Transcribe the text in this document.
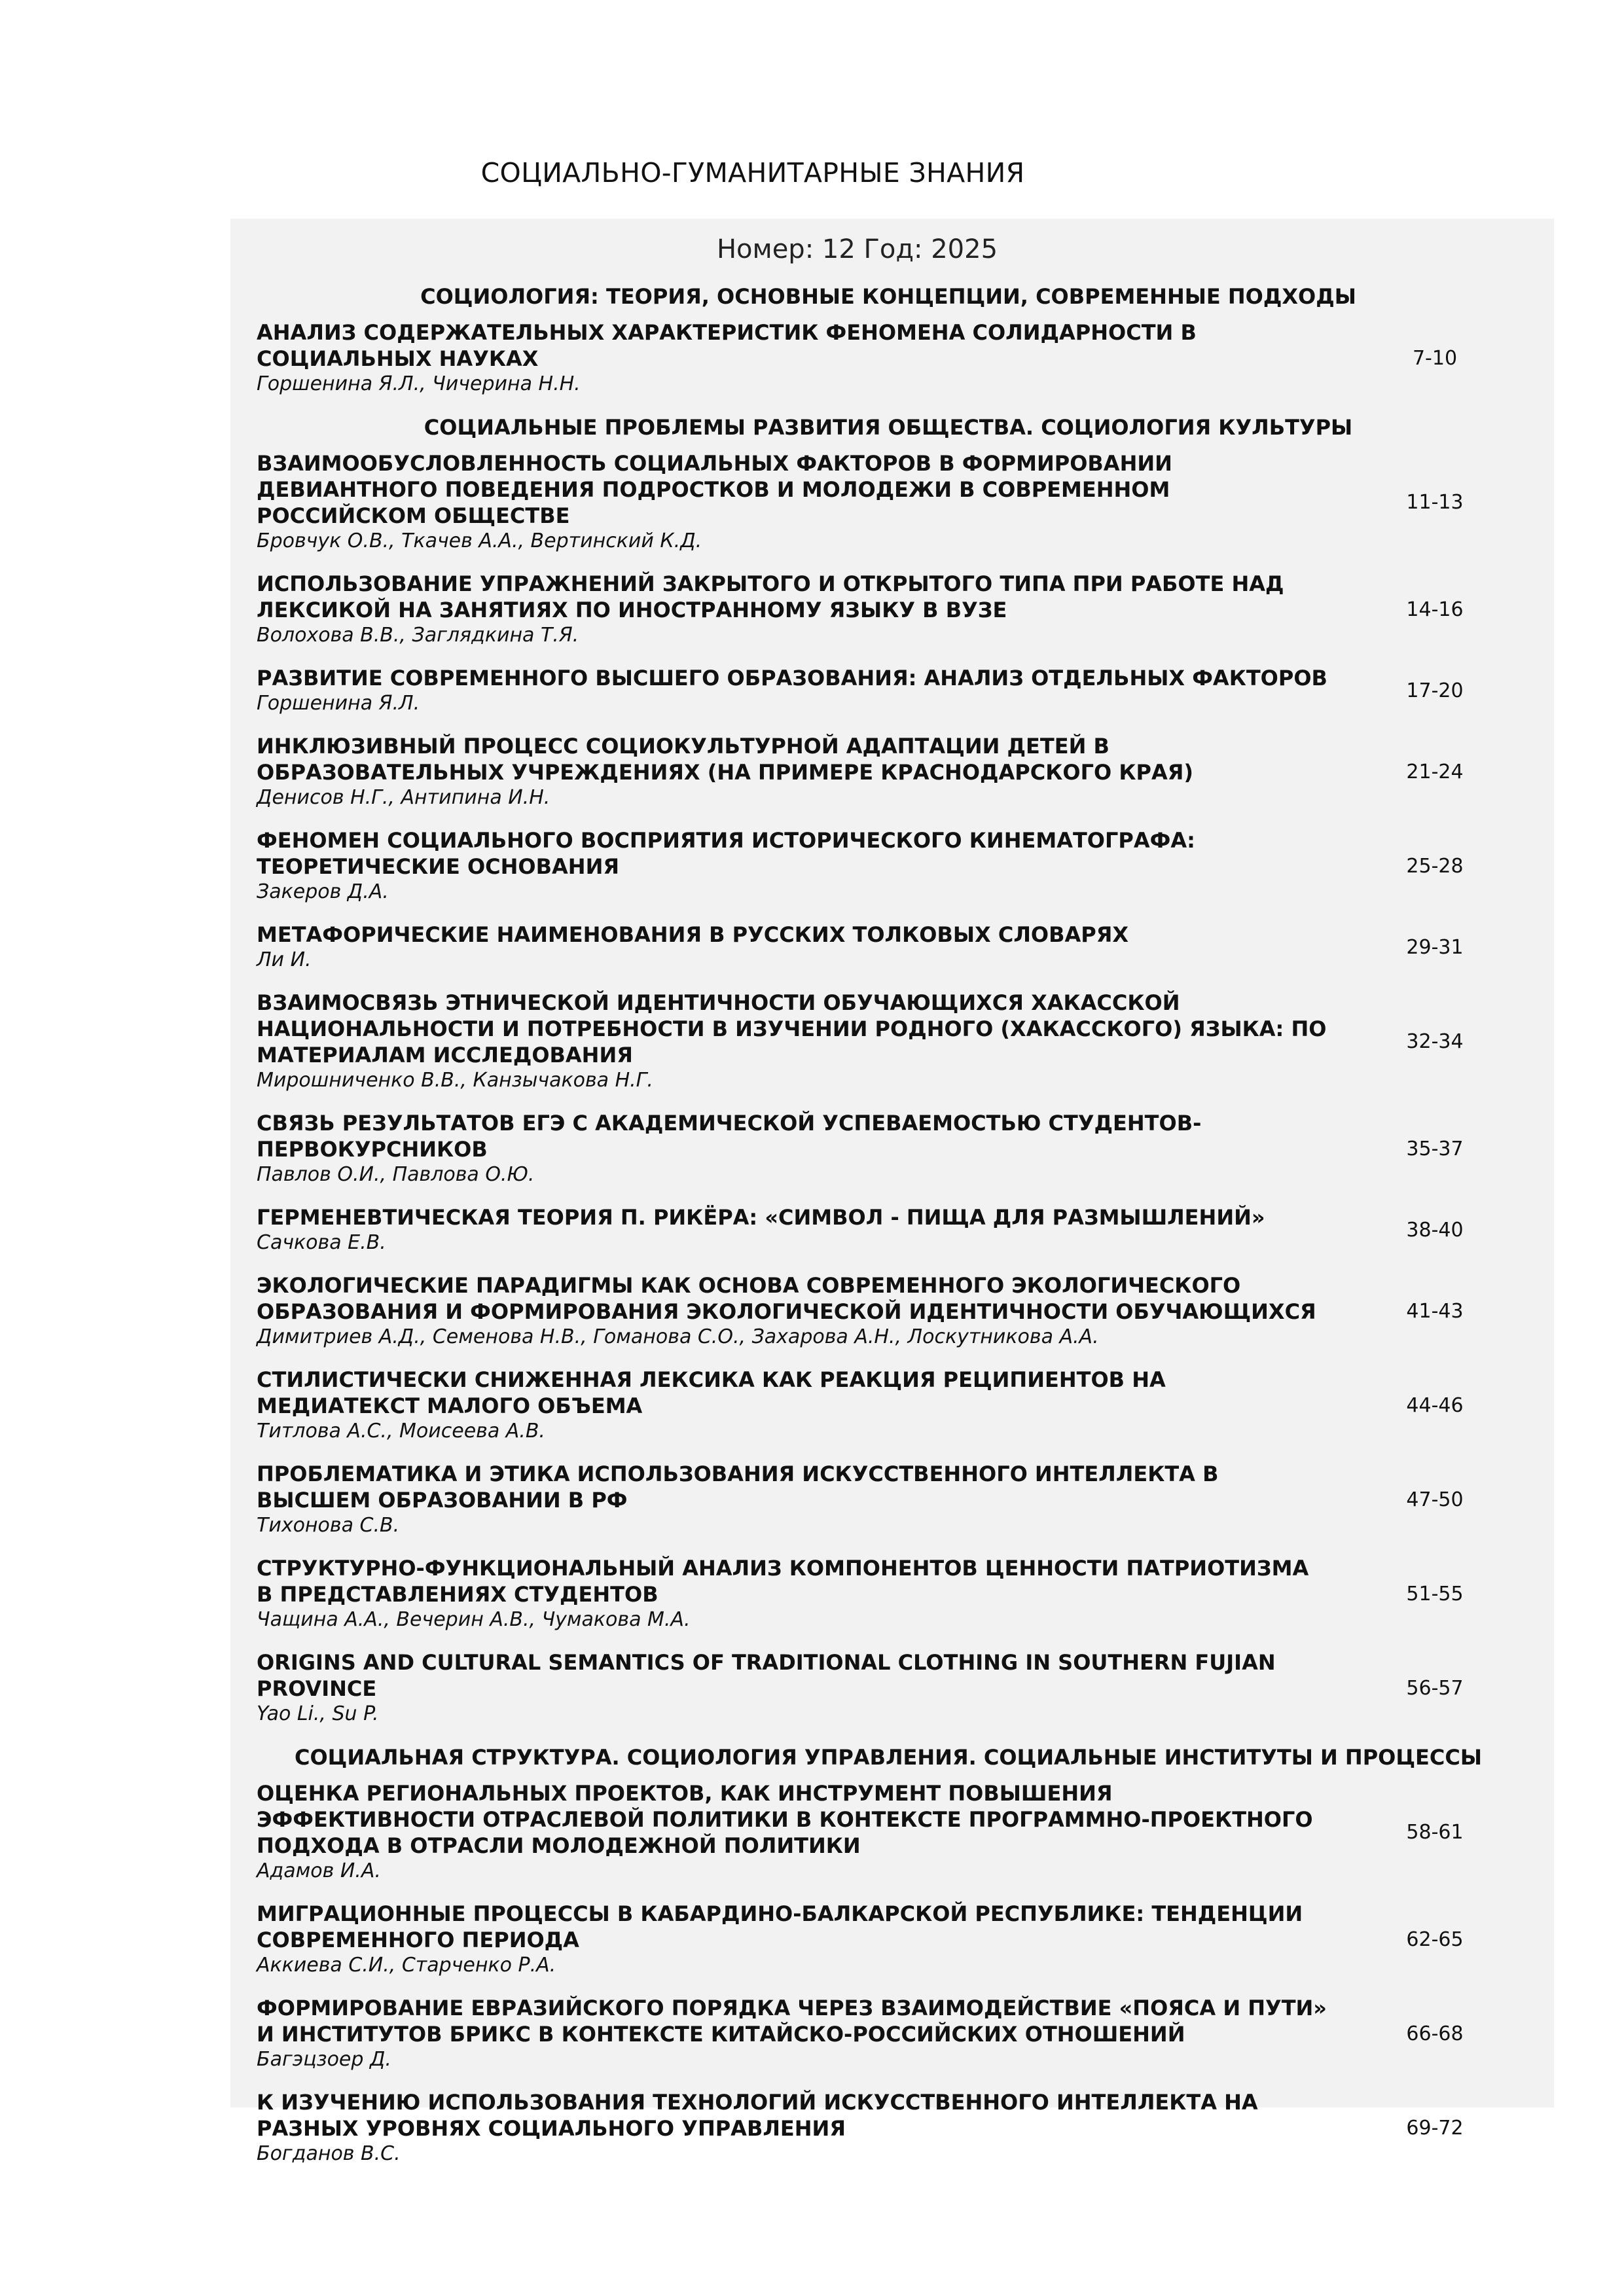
СОЦИАЛЬНО-ГУМАНИТАРНЫЕ ЗНАНИЯ
Номер: 12 Год: 2025
СОЦИОЛОГИЯ: ТЕОРИЯ, ОСНОВНЫЕ КОНЦЕПЦИИ, СОВРЕМЕННЫЕ ПОДХОДЫ
АНАЛИЗ СОДЕРЖАТЕЛЬНЫХ ХАРАКТЕРИСТИК ФЕНОМЕНА СОЛИДАРНОСТИ В СОЦИАЛЬНЫХ НАУКАХ
Горшенина Я.Л., Чичерина Н.Н.
7-10
СОЦИАЛЬНЫЕ ПРОБЛЕМЫ РАЗВИТИЯ ОБЩЕСТВА. СОЦИОЛОГИЯ КУЛЬТУРЫ
ВЗАИМООБУСЛОВЛЕННОСТЬ СОЦИАЛЬНЫХ ФАКТОРОВ В ФОРМИРОВАНИИ ДЕВИАНТНОГО ПОВЕДЕНИЯ ПОДРОСТКОВ И МОЛОДЕЖИ В СОВРЕМЕННОМ РОССИЙСКОМ ОБЩЕСТВЕ
Бровчук О.В., Ткачев А.А., Вертинский К.Д.
11-13
ИСПОЛЬЗОВАНИЕ УПРАЖНЕНИЙ ЗАКРЫТОГО И ОТКРЫТОГО ТИПА ПРИ РАБОТЕ НАД ЛЕКСИКОЙ НА ЗАНЯТИЯХ ПО ИНОСТРАННОМУ ЯЗЫКУ В ВУЗЕ
Волохова В.В., Заглядкина Т.Я.
14-16
РАЗВИТИЕ СОВРЕМЕННОГО ВЫСШЕГО ОБРАЗОВАНИЯ: АНАЛИЗ ОТДЕЛЬНЫХ ФАКТОРОВ
Горшенина Я.Л.
17-20
ИНКЛЮЗИВНЫЙ ПРОЦЕСС СОЦИОКУЛЬТУРНОЙ АДАПТАЦИИ ДЕТЕЙ В ОБРАЗОВАТЕЛЬНЫХ УЧРЕЖДЕНИЯХ (НА ПРИМЕРЕ КРАСНОДАРСКОГО КРАЯ)
Денисов Н.Г., Антипина И.Н.
21-24
ФЕНОМЕН СОЦИАЛЬНОГО ВОСПРИЯТИЯ ИСТОРИЧЕСКОГО КИНЕМАТОГРАФА: ТЕОРЕТИЧЕСКИЕ ОСНОВАНИЯ
Закеров Д.А.
25-28
МЕТАФОРИЧЕСКИЕ НАИМЕНОВАНИЯ В РУССКИХ ТОЛКОВЫХ СЛОВАРЯХ
Ли И.
29-31
ВЗАИМОСВЯЗЬ ЭТНИЧЕСКОЙ ИДЕНТИЧНОСТИ ОБУЧАЮЩИХСЯ ХАКАССКОЙ НАЦИОНАЛЬНОСТИ И ПОТРЕБНОСТИ В ИЗУЧЕНИИ РОДНОГО (ХАКАССКОГО) ЯЗЫКА: ПО МАТЕРИАЛАМ ИССЛЕДОВАНИЯ
Мирошниченко В.В., Канзычакова Н.Г.
32-34
СВЯЗЬ РЕЗУЛЬТАТОВ ЕГЭ С АКАДЕМИЧЕСКОЙ УСПЕВАЕМОСТЬЮ СТУДЕНТОВ-ПЕРВОКУРСНИКОВ
Павлов О.И., Павлова О.Ю.
35-37
ГЕРМЕНЕВТИЧЕСКАЯ ТЕОРИЯ П. РИКЁРА: «СИМВОЛ - ПИЩА ДЛЯ РАЗМЫШЛЕНИЙ»
Сачкова Е.В.
38-40
ЭКОЛОГИЧЕСКИЕ ПАРАДИГМЫ КАК ОСНОВА СОВРЕМЕННОГО ЭКОЛОГИЧЕСКОГО ОБРАЗОВАНИЯ И ФОРМИРОВАНИЯ ЭКОЛОГИЧЕСКОЙ ИДЕНТИЧНОСТИ ОБУЧАЮЩИХСЯ
Димитриев А.Д., Семенова Н.В., Гоманова С.О., Захарова А.Н., Лоскутникова А.А.
41-43
СТИЛИСТИЧЕСКИ СНИЖЕННАЯ ЛЕКСИКА КАК РЕАКЦИЯ РЕЦИПИЕНТОВ НА МЕДИАТЕКСТ МАЛОГО ОБЪЕМА
Титлова А.С., Моисеева А.В.
44-46
ПРОБЛЕМАТИКА И ЭТИКА ИСПОЛЬЗОВАНИЯ ИСКУССТВЕННОГО ИНТЕЛЛЕКТА В ВЫСШЕМ ОБРАЗОВАНИИ В РФ
Тихонова С.В.
47-50
СТРУКТУРНО-ФУНКЦИОНАЛЬНЫЙ АНАЛИЗ КОМПОНЕНТОВ ЦЕННОСТИ ПАТРИОТИЗМА В ПРЕДСТАВЛЕНИЯХ СТУДЕНТОВ
Чащина А.А., Вечерин А.В., Чумакова М.А.
51-55
ORIGINS AND CULTURAL SEMANTICS OF TRADITIONAL CLOTHING IN SOUTHERN FUJIAN PROVINCE
Yao Li., Su P.
56-57
СОЦИАЛЬНАЯ СТРУКТУРА. СОЦИОЛОГИЯ УПРАВЛЕНИЯ. СОЦИАЛЬНЫЕ ИНСТИТУТЫ И ПРОЦЕССЫ
ОЦЕНКА РЕГИОНАЛЬНЫХ ПРОЕКТОВ, КАК ИНСТРУМЕНТ ПОВЫШЕНИЯ ЭФФЕКТИВНОСТИ ОТРАСЛЕВОЙ ПОЛИТИКИ В КОНТЕКСТЕ ПРОГРАММНО-ПРОЕКТНОГО ПОДХОДА В ОТРАСЛИ МОЛОДЕЖНОЙ ПОЛИТИКИ
Адамов И.А.
58-61
МИГРАЦИОННЫЕ ПРОЦЕССЫ В КАБАРДИНО-БАЛКАРСКОЙ РЕСПУБЛИКЕ: ТЕНДЕНЦИИ СОВРЕМЕННОГО ПЕРИОДА
Аккиева С.И., Старченко Р.А.
62-65
ФОРМИРОВАНИЕ ЕВРАЗИЙСКОГО ПОРЯДКА ЧЕРЕЗ ВЗАИМОДЕЙСТВИЕ «ПОЯСА И ПУТИ» И ИНСТИТУТОВ БРИКС В КОНТЕКСТЕ КИТАЙСКО-РОССИЙСКИХ ОТНОШЕНИЙ
Багэцзоер Д.
66-68
К ИЗУЧЕНИЮ ИСПОЛЬЗОВАНИЯ ТЕХНОЛОГИЙ ИСКУССТВЕННОГО ИНТЕЛЛЕКТА НА РАЗНЫХ УРОВНЯХ СОЦИАЛЬНОГО УПРАВЛЕНИЯ
Богданов В.С.
69-72
